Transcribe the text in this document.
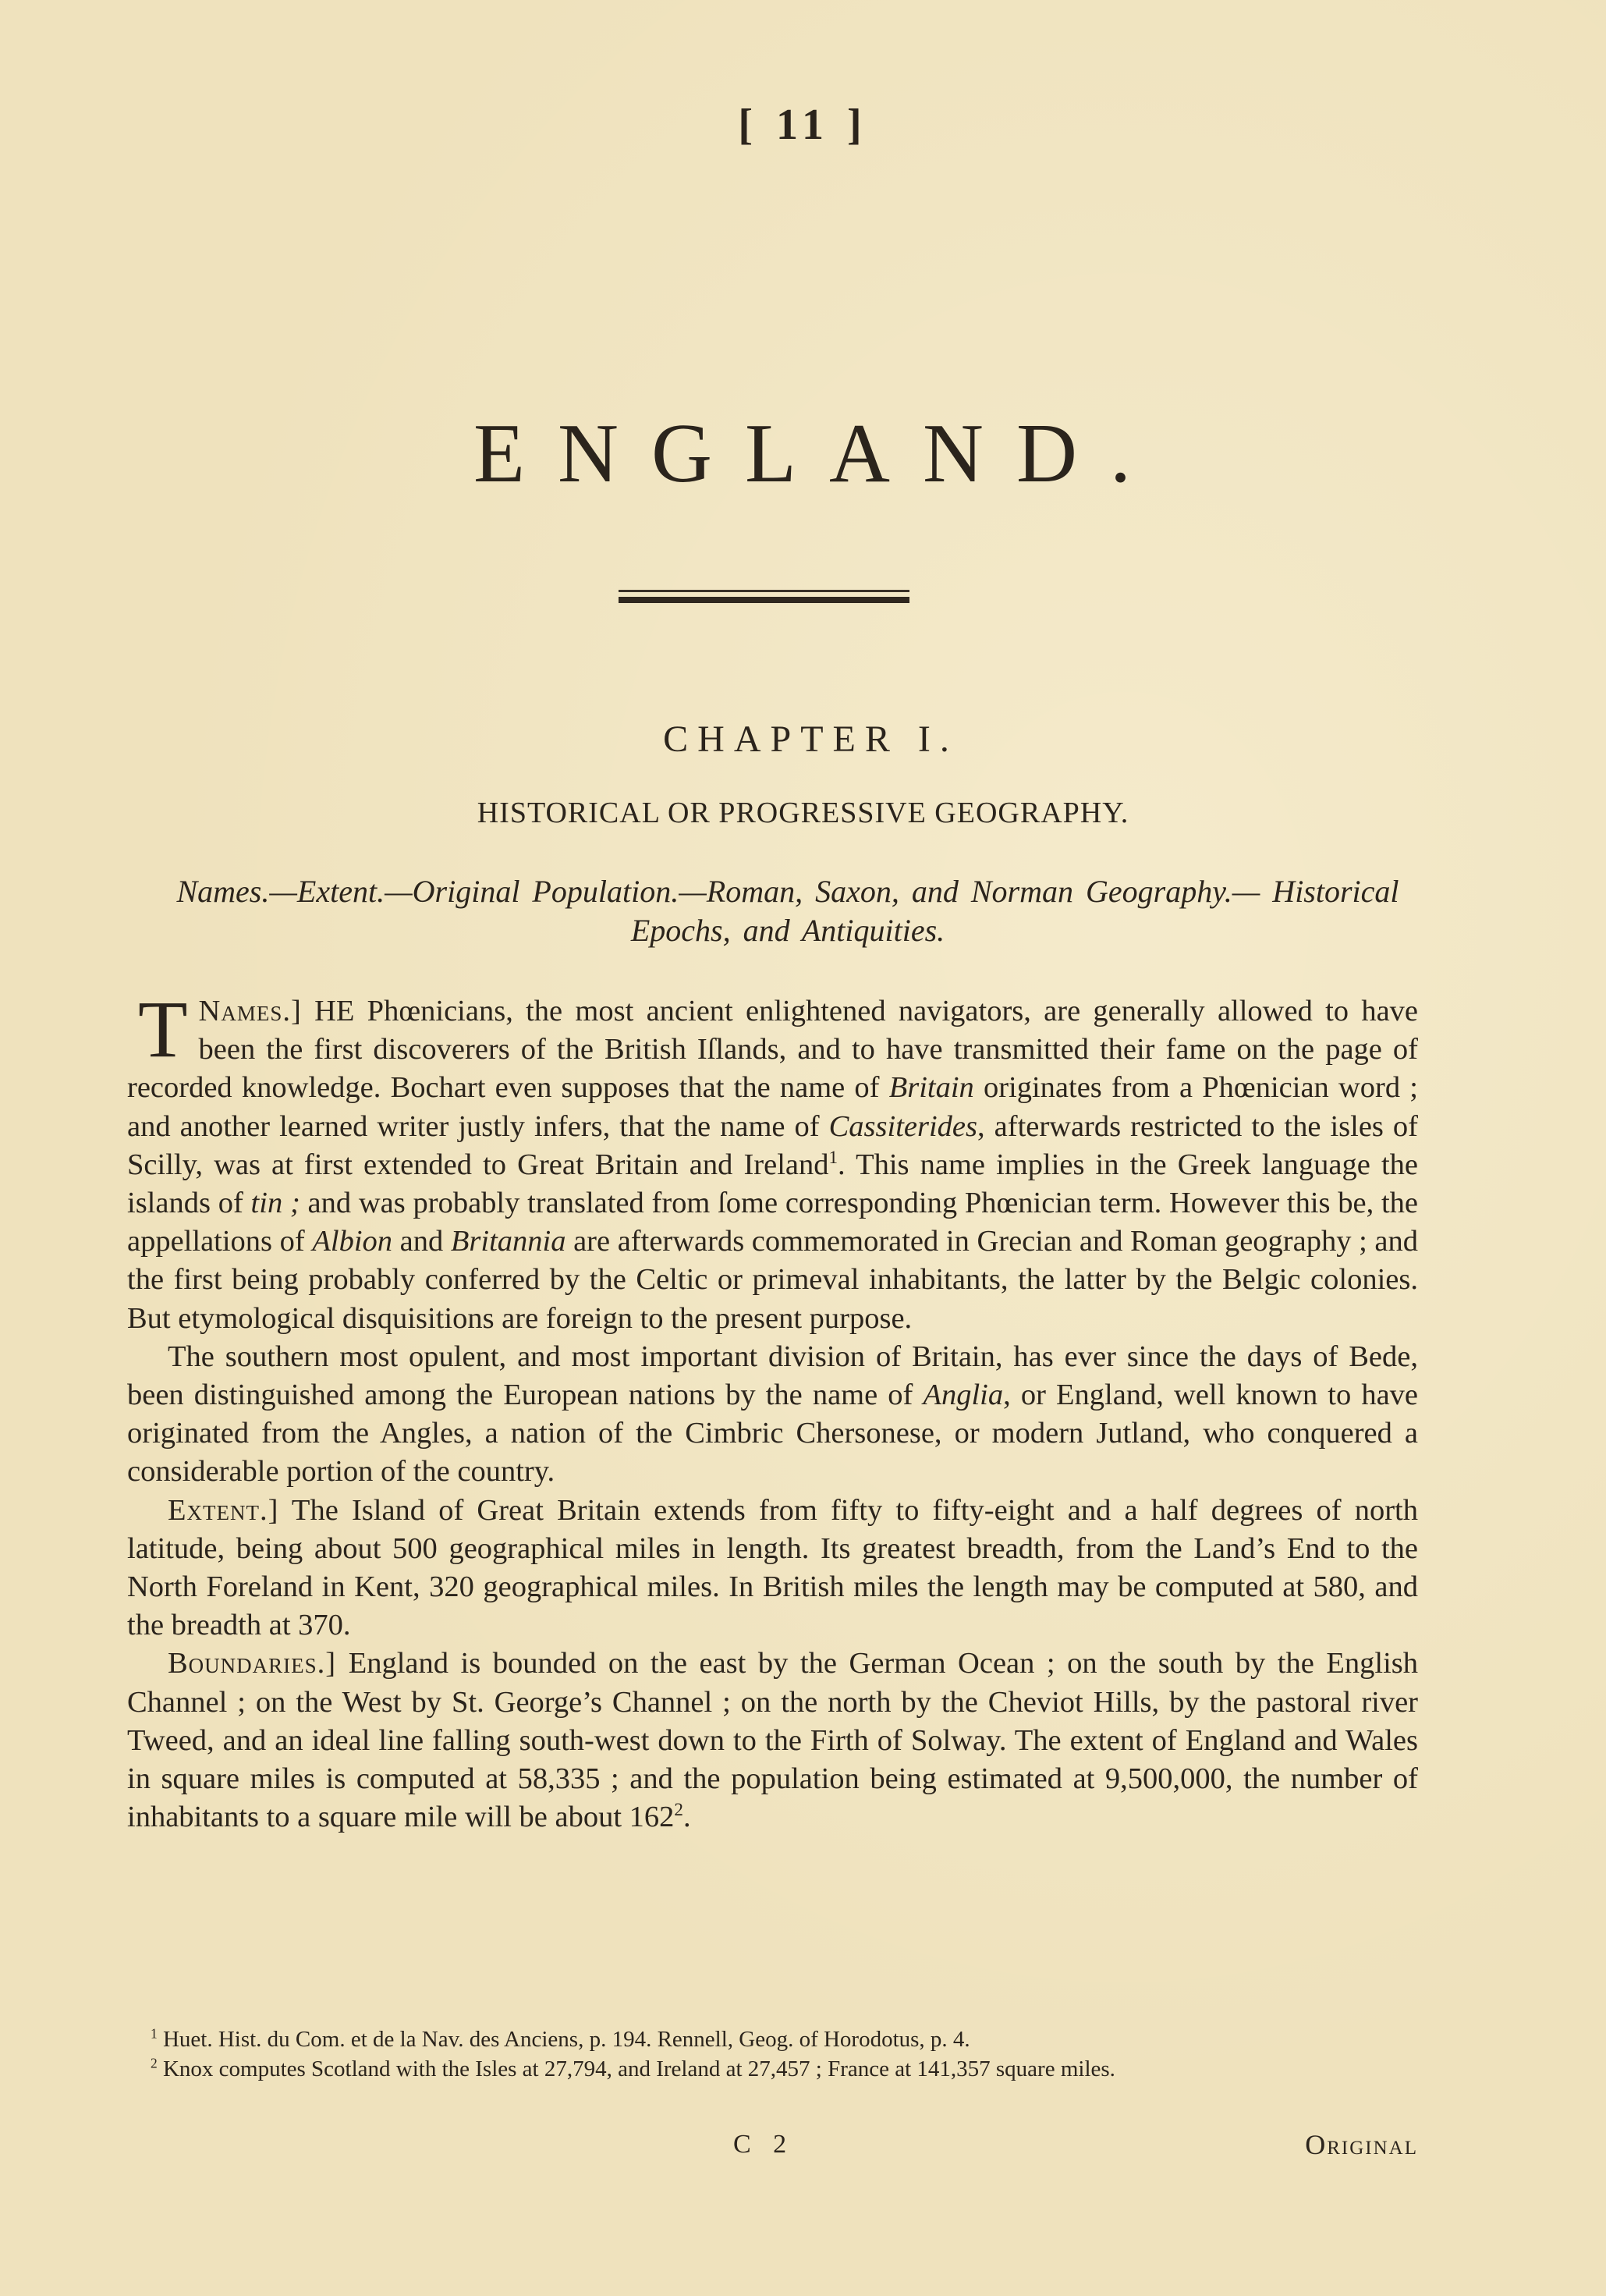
[ 11 ]
ENGLAND.
CHAPTER I.
HISTORICAL OR PROGRESSIVE GEOGRAPHY.
Names.—Extent.—Original Population.—Roman, Saxon, and Norman Geography.— Historical Epochs, and Antiquities.

Names.]
T	HE Phœnicians, the most ancient enlightened navigators, are generally allowed to have been the first discoverers of the British Iſlands, and to have transmitted their fame on the page of recorded knowledge. Bochart even supposes that the name of Britain originates from a Phœnician word ; and another learned writer justly infers, that the name of Cassiterides, afterwards restricted to the isles of Scilly, was at first extended to Great Britain and Ireland$^1$. This name implies in the Greek language the islands of tin ; and was probably translated from ſome corresponding Phœnician term. However this be, the appellations of Albion and Britannia are afterwards commemorated in Grecian and Roman geography ; and the first being probably conferred by the Celtic or primeval inhabitants, the latter by the Belgic colonies. But etymological disquisitions are foreign to the present purpose.

The southern most opulent, and most important division of Britain, has ever since the days of Bede, been distinguished among the European nations by the name of Anglia, or England, well known to have originated from the Angles, a nation of the Cimbric Chersonese, or modern Jutland, who conquered a considerable portion of the country.

Extent.] The Island of Great Britain extends from fifty to fifty-eight and a half degrees of north latitude, being about 500 geographical miles in length. Its greatest breadth, from the Land’s End to the North Foreland in Kent, 320 geographical miles. In British miles the length may be computed at 580, and the breadth at 370.

Boundaries.] England is bounded on the east by the German Ocean ; on the south by the English Channel ; on the West by St. George’s Channel ; on the north by the Cheviot Hills, by the pastoral river Tweed, and an ideal line falling south-west down to the Firth of Solway. The extent of England and Wales in square miles is computed at 58,335 ; and the population being estimated at 9,500,000, the number of inhabitants to a square mile will be about $162^2$.

$^1$ Huet. Hist. du Com. et de la Nav. des Anciens, p. 194. Rennell, Geog. of Horodotus, p. 4.

$^2$ Knox computes Scotland with the Isles at 27,794, and Ireland at 27,457 ; France at 141,357 square miles.

C 2	Original
